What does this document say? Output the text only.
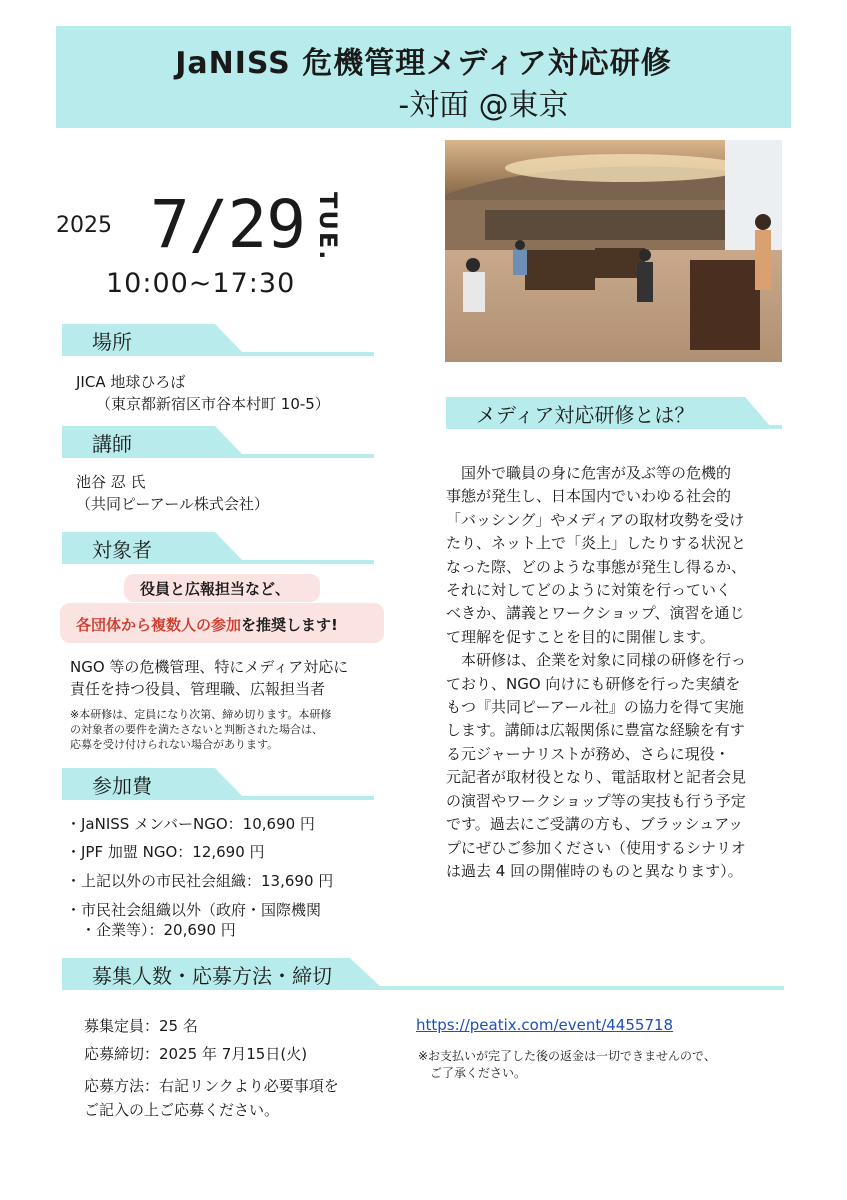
JaNISS 危機管理メディア対応研修
-対面 @東京
2025 7/29 TUE.
10:00~17:30
場所
JICA 地球ひろば
（東京都新宿区市谷本村町 10-5）
講師
池谷 忍 氏
（共同ピーアール株式会社）
対象者
役員と広報担当など、
各団体から複数人の参加を推奨します!
NGO 等の危機管理、特にメディア対応に
責任を持つ役員、管理職、広報担当者
※本研修は、定員になり次第、締め切ります。本研修
の対象者の要件を満たさないと判断された場合は、
応募を受け付けられない場合があります。
参加費
・JaNISS メンバーNGO：10,690 円
・JPF 加盟 NGO：12,690 円
・上記以外の市民社会組織：13,690 円
・市民社会組織以外（政府・国際機関
　・企業等）：20,690 円
メディア対応研修とは？

　国外で職員の身に危害が及ぶ等の危機的

事態が発生し、日本国内でいわゆる社会的

「バッシング」やメディアの取材攻勢を受け

たり、ネット上で「炎上」したりする状況と

なった際、どのような事態が発生し得るか、

それに対してどのように対策を行っていく

べきか、講義とワークショップ、演習を通じ

て理解を促すことを目的に開催します。

　本研修は、企業を対象に同様の研修を行っ

ており、NGO 向けにも研修を行った実績を

もつ『共同ピーアール社』の協力を得て実施

します。講師は広報関係に豊富な経験を有す

る元ジャーナリストが務め、さらに現役・

元記者が取材役となり、電話取材と記者会見

の演習やワークショップ等の実技も行う予定

です。過去にご受講の方も、ブラッシュアッ

プにぜひご参加ください（使用するシナリオ

は過去 4 回の開催時のものと異なります）。

募集人数・応募方法・締切
募集定員：25 名
応募締切：2025 年 7月15日(火)
応募方法：右記リンクより必要事項を
ご記入の上ご応募ください。
https://peatix.com/event/4455718
※お支払いが完了した後の返金は一切できませんので、
　ご了承ください。
